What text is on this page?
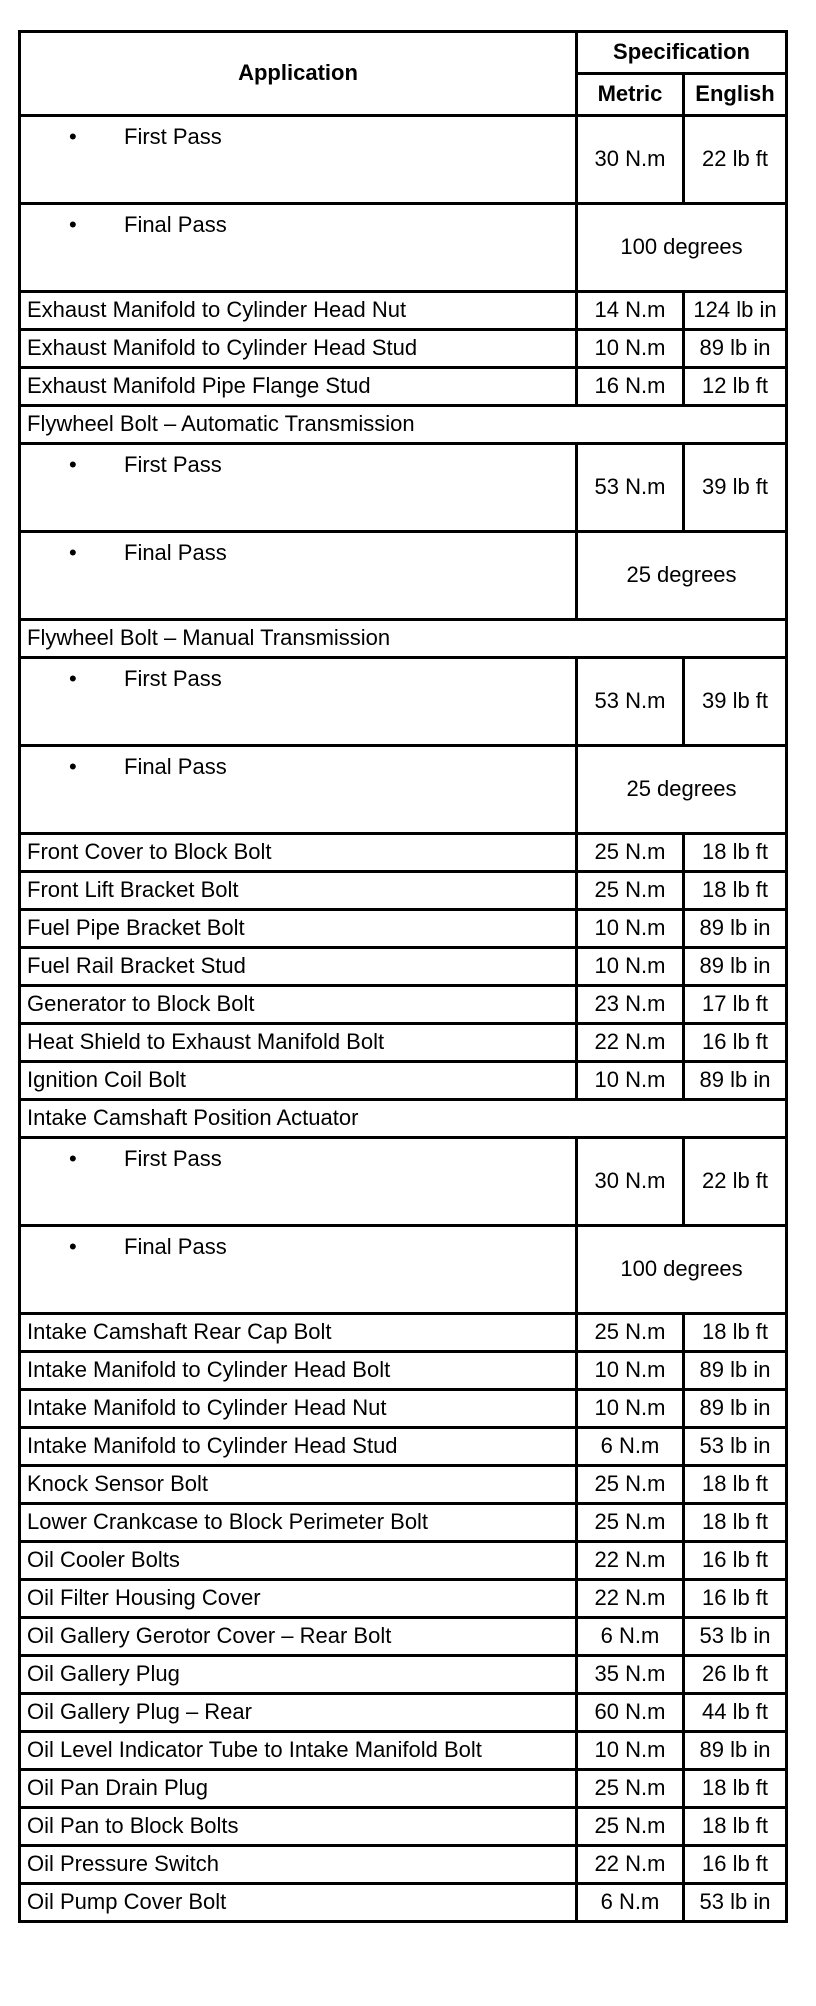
Application	Specification	
	Metric	English
• First Pass	30 N.m	22 lb ft
• Final Pass	100 degrees	
Exhaust Manifold to Cylinder Head Nut	14 N.m	124 lb in
Exhaust Manifold to Cylinder Head Stud	10 N.m	89 lb in
Exhaust Manifold Pipe Flange Stud	16 N.m	12 lb ft
Flywheel Bolt – Automatic Transmission		
• First Pass	53 N.m	39 lb ft
• Final Pass	25 degrees	
Flywheel Bolt – Manual Transmission		
• First Pass	53 N.m	39 lb ft
• Final Pass	25 degrees	
Front Cover to Block Bolt	25 N.m	18 lb ft
Front Lift Bracket Bolt	25 N.m	18 lb ft
Fuel Pipe Bracket Bolt	10 N.m	89 lb in
Fuel Rail Bracket Stud	10 N.m	89 lb in
Generator to Block Bolt	23 N.m	17 lb ft
Heat Shield to Exhaust Manifold Bolt	22 N.m	16 lb ft
Ignition Coil Bolt	10 N.m	89 lb in
Intake Camshaft Position Actuator		
• First Pass	30 N.m	22 lb ft
• Final Pass	100 degrees	
Intake Camshaft Rear Cap Bolt	25 N.m	18 lb ft
Intake Manifold to Cylinder Head Bolt	10 N.m	89 lb in
Intake Manifold to Cylinder Head Nut	10 N.m	89 lb in
Intake Manifold to Cylinder Head Stud	6 N.m	53 lb in
Knock Sensor Bolt	25 N.m	18 lb ft
Lower Crankcase to Block Perimeter Bolt	25 N.m	18 lb ft
Oil Cooler Bolts	22 N.m	16 lb ft
Oil Filter Housing Cover	22 N.m	16 lb ft
Oil Gallery Gerotor Cover – Rear Bolt	6 N.m	53 lb in
Oil Gallery Plug	35 N.m	26 lb ft
Oil Gallery Plug – Rear	60 N.m	44 lb ft
Oil Level Indicator Tube to Intake Manifold Bolt	10 N.m	89 lb in
Oil Pan Drain Plug	25 N.m	18 lb ft
Oil Pan to Block Bolts	25 N.m	18 lb ft
Oil Pressure Switch	22 N.m	16 lb ft
Oil Pump Cover Bolt	6 N.m	53 lb in
